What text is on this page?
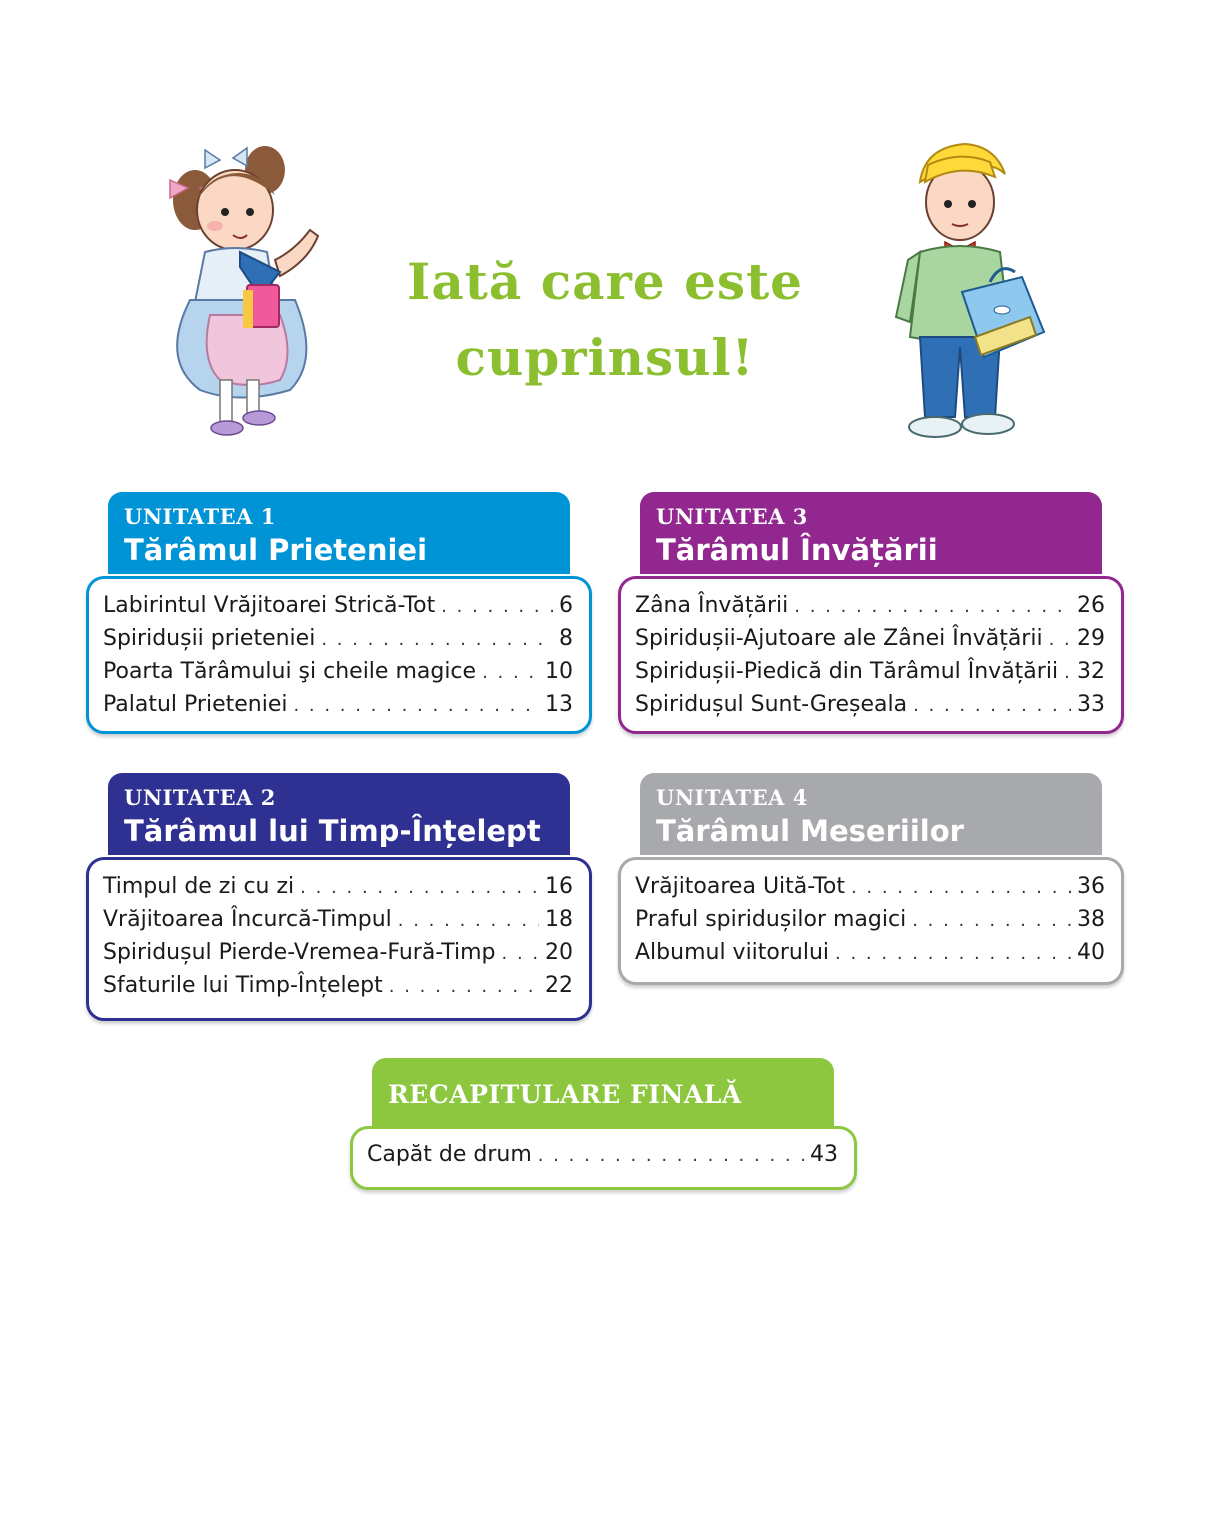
Iată care este
cuprinsul!
UNITATEA 1
Tărâmul Prieteniei
Labirintul Vrăjitoarei Strică-Tot . . .	6
Spiridușii prieteniei . . .	8
Poarta Tărâmului şi cheile magice . . .	10
Palatul Prieteniei . . .	13
UNITATEA 3
Tărâmul Învățării
Zâna Învățării . . .	26
Spiridușii-Ajutoare ale Zânei Învățării . . . 29
Spiridușii-Piedică din Tărâmul Învățării . . . 32
Spiridușul Sunt-Greșeala . . .	33
UNITATEA 2
Tărâmul lui Timp-Înțelept
Timpul de zi cu zi . . .	16
Vrăjitoarea Încurcă-Timpul . . .	18
Spiridușul Pierde-Vremea-Fură-Timp . . . 20
Sfaturile lui Timp-Înțelept . . .	22
UNITATEA 4
Tărâmul Meseriilor
Vrăjitoarea Uită-Tot . . .	36
Praful spiridușilor magici . . .	38
Albumul viitorului . . .	40
RECAPITULARE FINALĂ
Capăt de drum . . .	43
